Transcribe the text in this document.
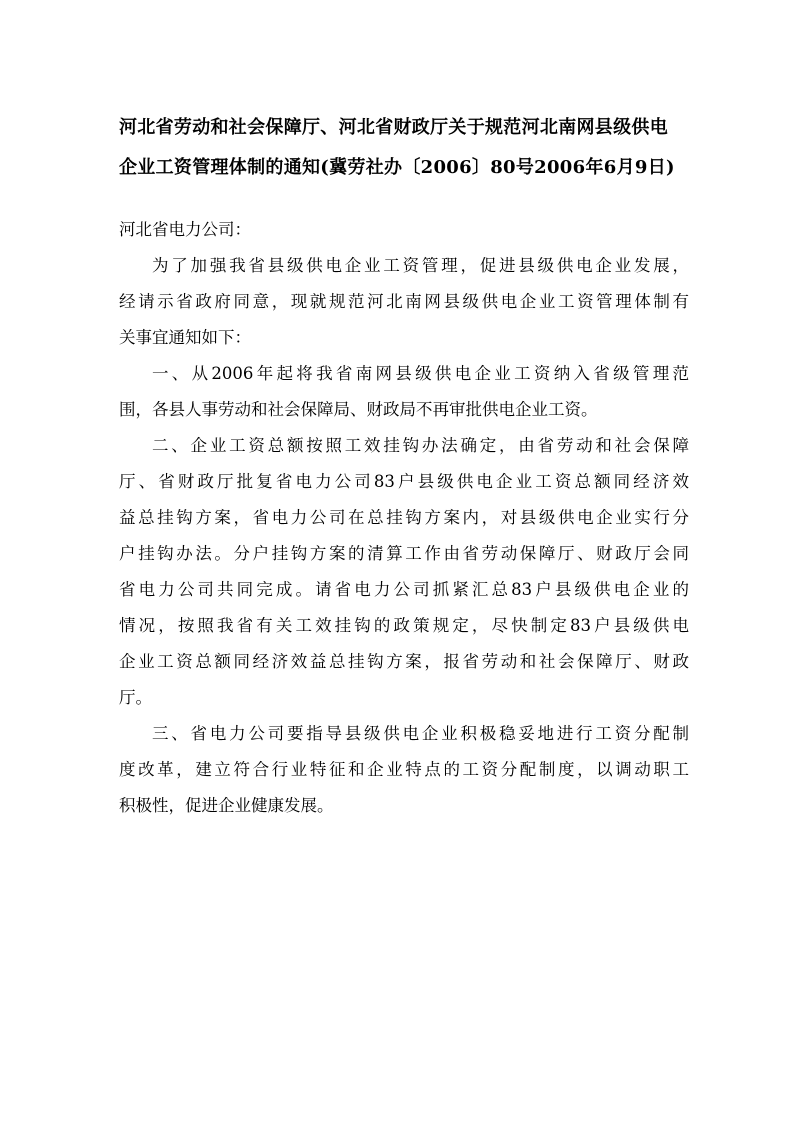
河北省劳动和社会保障厅、河北省财政厅关于规范河北南网县级供电
企业工资管理体制的通知(冀劳社办〔2006〕80号2006年6月9日)

河北省电力公司：

为了加强我省县级供电企业工资管理，促进县级供电企业发展，
经请示省政府同意，现就规范河北南网县级供电企业工资管理体制有
关事宜通知如下：

一、从2006年起将我省南网县级供电企业工资纳入省级管理范
围，各县人事劳动和社会保障局、财政局不再审批供电企业工资。

二、企业工资总额按照工效挂钩办法确定，由省劳动和社会保障
厅、省财政厅批复省电力公司83户县级供电企业工资总额同经济效
益总挂钩方案，省电力公司在总挂钩方案内，对县级供电企业实行分
户挂钩办法。分户挂钩方案的清算工作由省劳动保障厅、财政厅会同
省电力公司共同完成。请省电力公司抓紧汇总83户县级供电企业的
情况，按照我省有关工效挂钩的政策规定，尽快制定83户县级供电
企业工资总额同经济效益总挂钩方案，报省劳动和社会保障厅、财政
厅。

三、省电力公司要指导县级供电企业积极稳妥地进行工资分配制
度改革，建立符合行业特征和企业特点的工资分配制度，以调动职工
积极性，促进企业健康发展。
